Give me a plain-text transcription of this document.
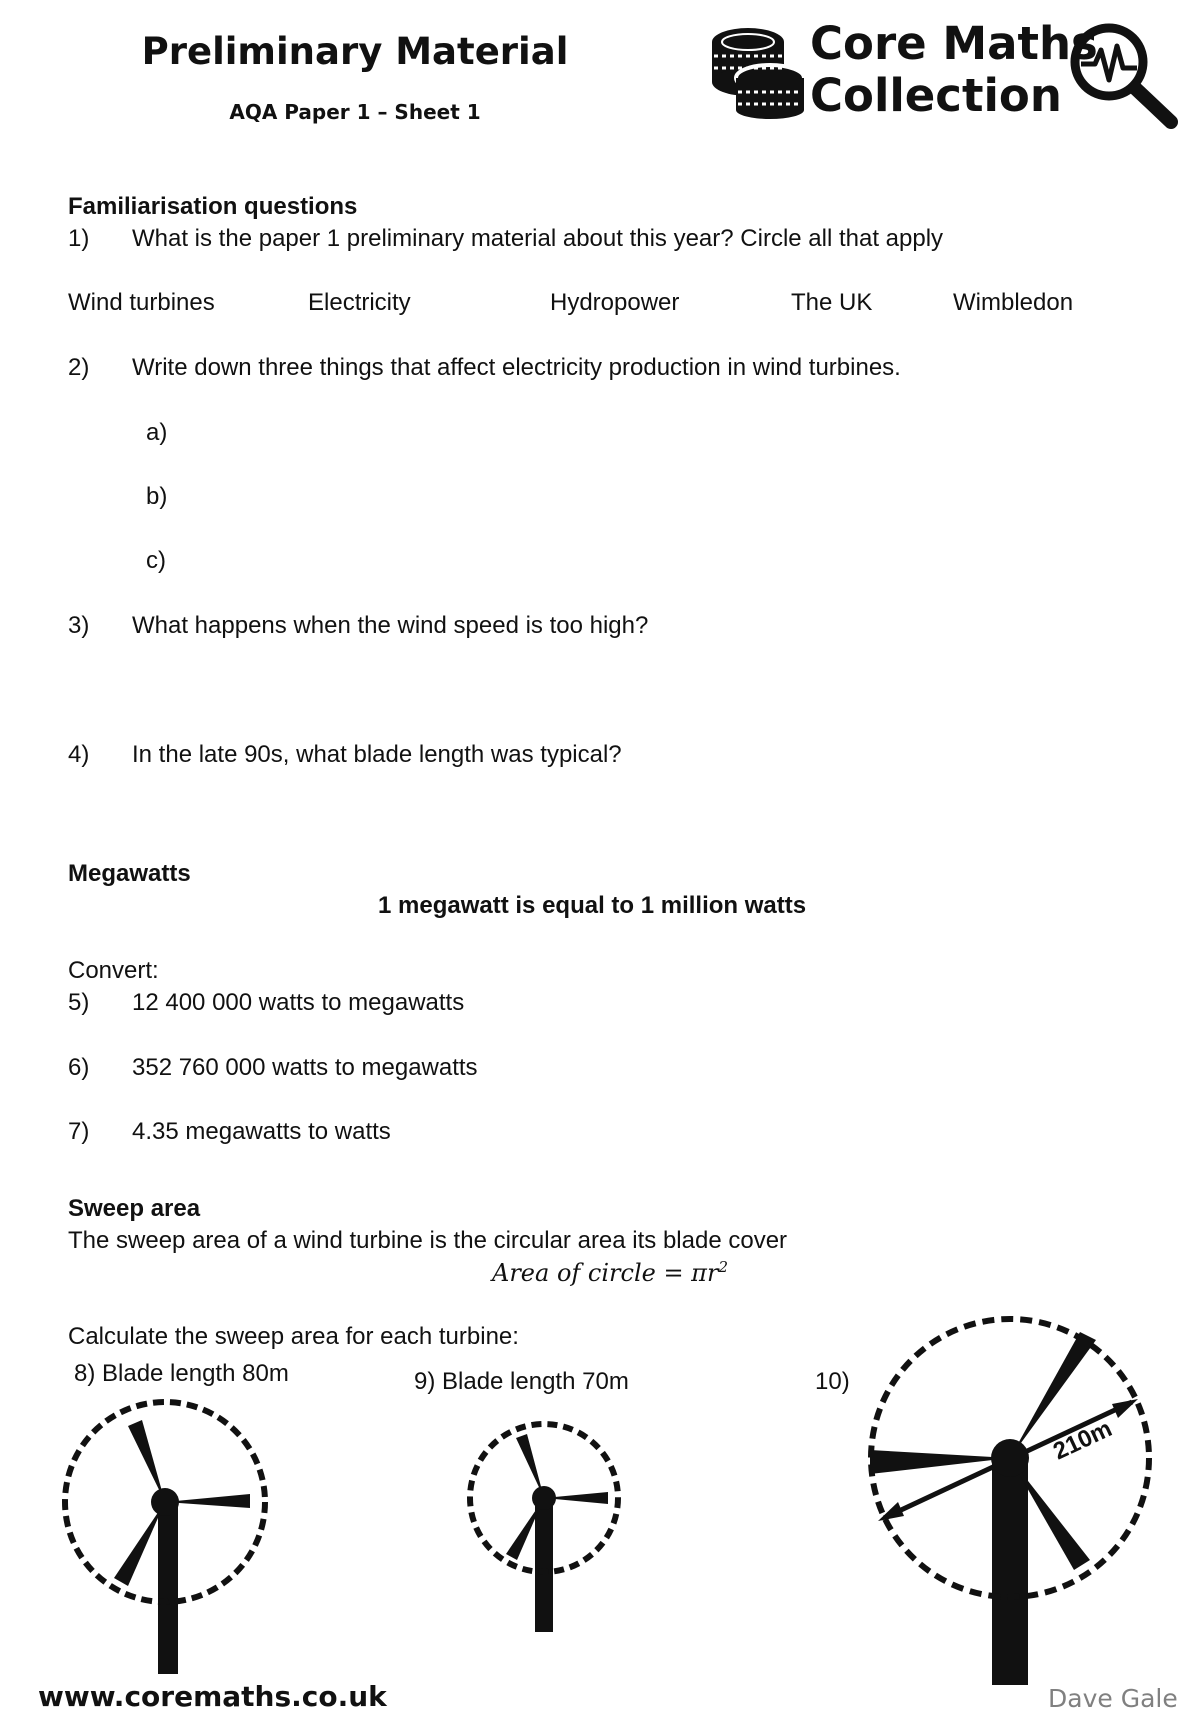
Preliminary Material
AQA Paper 1 – Sheet 1
Core Maths
Collection
Familiarisation questions
1) What is the paper 1 preliminary material about this year? Circle all that apply
Wind turbines	Electricity	Hydropower	The UK	Wimbledon
2) Write down three things that affect electricity production in wind turbines.
a)
b)
c)
3) What happens when the wind speed is too high?
4) In the late 90s, what blade length was typical?
Megawatts
1 megawatt is equal to 1 million watts
Convert:
5) 12 400 000 watts to megawatts
6) 352 760 000 watts to megawatts
7) 4.35 megawatts to watts
Sweep area
The sweep area of a wind turbine is the circular area its blade cover
Area of circle = $\pi r^2$
Calculate the sweep area for each turbine:
8) Blade length 80m	9) Blade length 70m	10)
210m
www.coremaths.co.uk	Dave Gale
